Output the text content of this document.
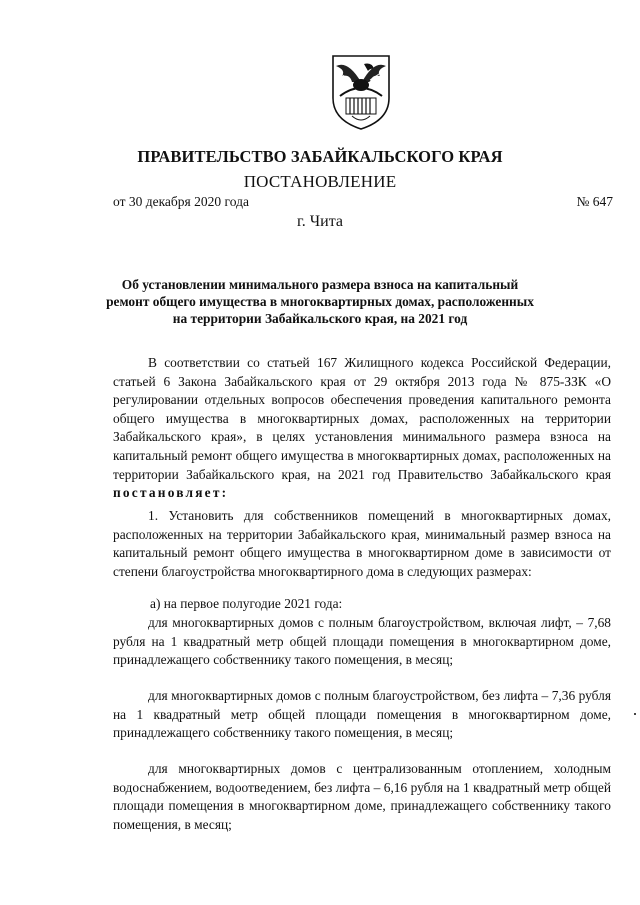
ПРАВИТЕЛЬСТВО ЗАБАЙКАЛЬСКОГО КРАЯ
ПОСТАНОВЛЕНИЕ
от 30 декабря 2020 года	№ 647
г. Чита
Об установлении минимального размера взноса на капитальный ремонт общего имущества в многоквартирных домах, расположенных на территории Забайкальского края, на 2021 год
В соответствии со статьей 167 Жилищного кодекса Российской Федерации, статьей 6 Закона Забайкальского края от 29 октября 2013 года № 875-ЗЗК «О регулировании отдельных вопросов обеспечения проведения капитального ремонта общего имущества в многоквартирных домах, расположенных на территории Забайкальского края», в целях установления минимального размера взноса на капитальный ремонт общего имущества в многоквартирных домах, расположенных на территории Забайкальского края, на 2021 год Правительство Забайкальского края постановляет:
1. Установить для собственников помещений в многоквартирных домах, расположенных на территории Забайкальского края, минимальный размер взноса на капитальный ремонт общего имущества в многоквартирном доме в зависимости от степени благоустройства многоквартирного дома в следующих размерах:
а) на первое полугодие 2021 года:
для многоквартирных домов с полным благоустройством, включая лифт, – 7,68 рубля на 1 квадратный метр общей площади помещения в многоквартирном доме, принадлежащего собственнику такого помещения, в месяц;
для многоквартирных домов с полным благоустройством, без лифта – 7,36 рубля на 1 квадратный метр общей площади помещения в многоквартирном доме, принадлежащего собственнику такого помещения, в месяц;
для многоквартирных домов с централизованным отоплением, холодным водоснабжением, водоотведением, без лифта – 6,16 рубля на 1 квадратный метр общей площади помещения в многоквартирном доме, принадлежащего собственнику такого помещения, в месяц;
